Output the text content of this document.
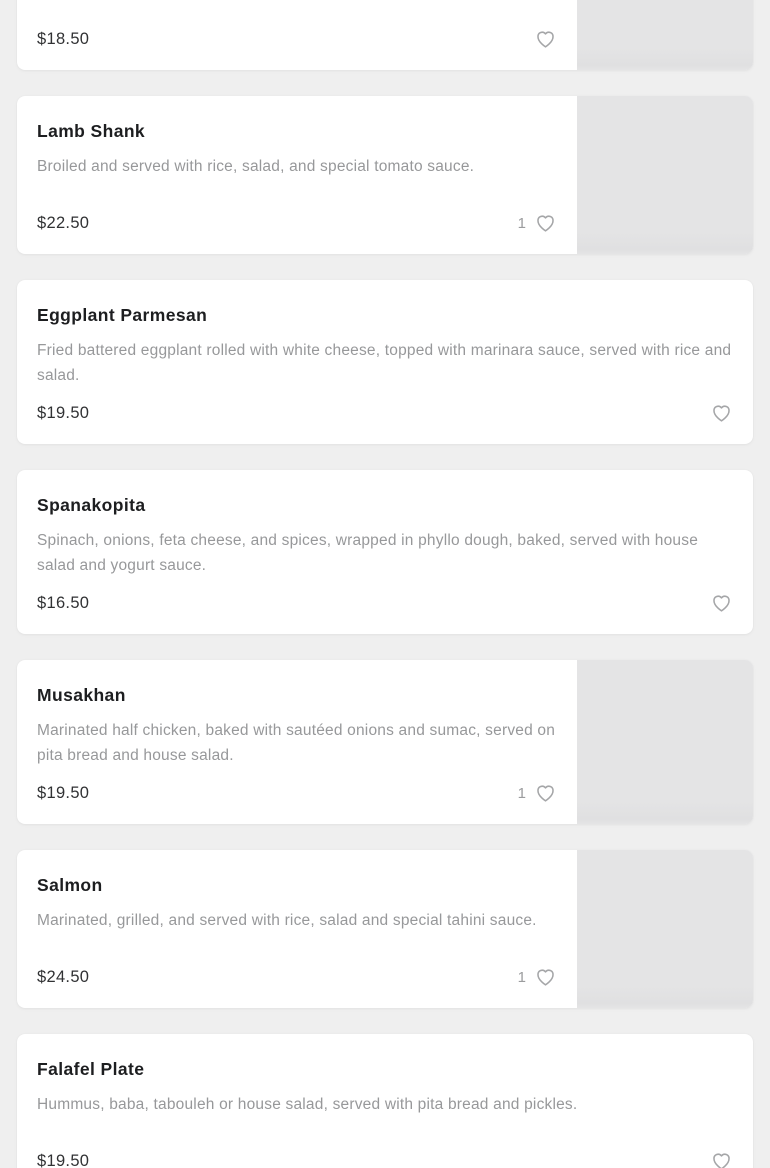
$18.50
Lamb Shank
Broiled and served with rice, salad, and special tomato sauce.
$22.50	1
Eggplant Parmesan
Fried battered eggplant rolled with white cheese, topped with marinara sauce, served with rice and salad.
$19.50
Spanakopita
Spinach, onions, feta cheese, and spices, wrapped in phyllo dough, baked, served with house salad and yogurt sauce.
$16.50
Musakhan
Marinated half chicken, baked with sautéed onions and sumac, served on pita bread and house salad.
$19.50	1
Salmon
Marinated, grilled, and served with rice, salad and special tahini sauce.
$24.50	1
Falafel Plate
Hummus, baba, tabouleh or house salad, served with pita bread and pickles.
$19.50
